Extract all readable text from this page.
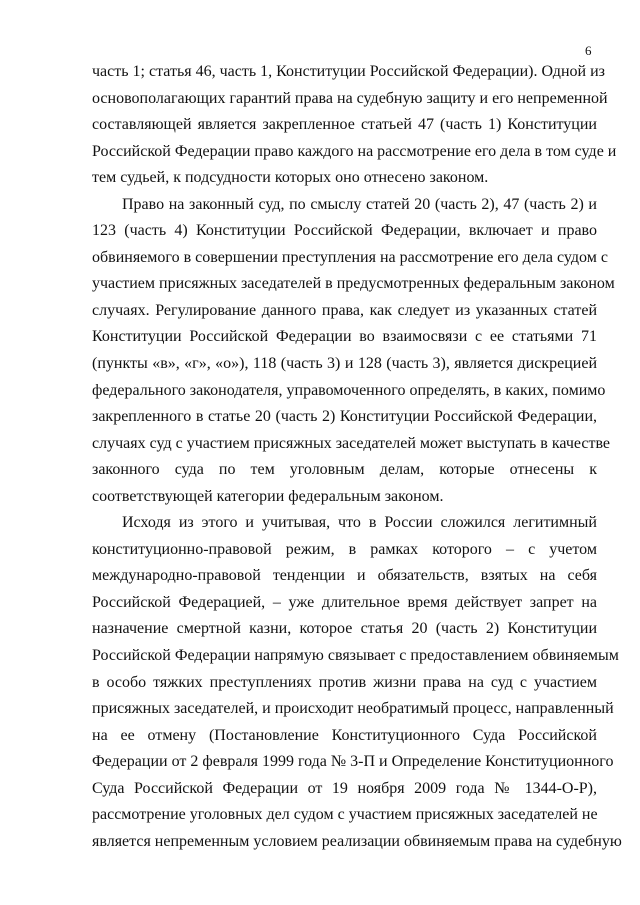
6
часть 1; статья 46, часть 1, Конституции Российской Федерации). Одной из
основополагающих гарантий права на судебную защиту и его непременной
составляющей является закрепленное статьей 47 (часть 1) Конституции
Российской Федерации право каждого на рассмотрение его дела в том суде и
тем судьей, к подсудности которых оно отнесено законом.
Право на законный суд, по смыслу статей 20 (часть 2), 47 (часть 2) и
123 (часть 4) Конституции Российской Федерации, включает и право
обвиняемого в совершении преступления на рассмотрение его дела судом с
участием присяжных заседателей в предусмотренных федеральным законом
случаях. Регулирование данного права, как следует из указанных статей
Конституции Российской Федерации во взаимосвязи с ее статьями 71
(пункты «в», «г», «о»), 118 (часть 3) и 128 (часть 3), является дискрецией
федерального законодателя, управомоченного определять, в каких, помимо
закрепленного в статье 20 (часть 2) Конституции Российской Федерации,
случаях суд с участием присяжных заседателей может выступать в качестве
законного суда по тем уголовным делам, которые отнесены к
соответствующей категории федеральным законом.
Исходя из этого и учитывая, что в России сложился легитимный
конституционно-правовой режим, в рамках которого – с учетом
международно-правовой тенденции и обязательств, взятых на себя
Российской Федерацией, – уже длительное время действует запрет на
назначение смертной казни, которое статья 20 (часть 2) Конституции
Российской Федерации напрямую связывает с предоставлением обвиняемым
в особо тяжких преступлениях против жизни права на суд с участием
присяжных заседателей, и происходит необратимый процесс, направленный
на ее отмену (Постановление Конституционного Суда Российской
Федерации от 2 февраля 1999 года № 3-П и Определение Конституционного
Суда Российской Федерации от 19 ноября 2009 года № 1344-О-Р),
рассмотрение уголовных дел судом с участием присяжных заседателей не
является непременным условием реализации обвиняемым права на судебную
